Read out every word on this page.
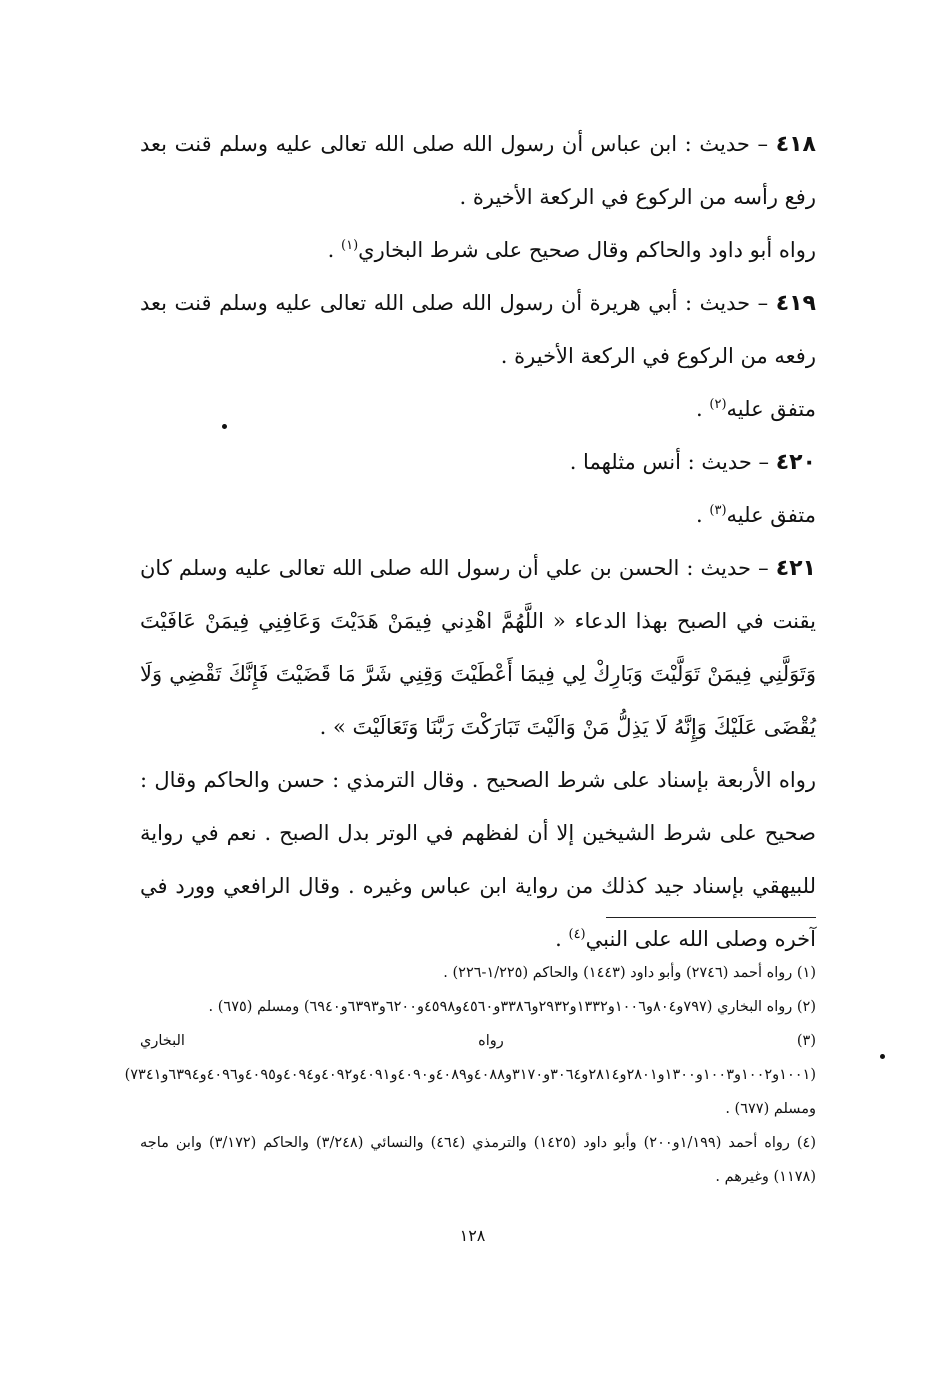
٤١٨ – حديث : ابن عباس أن رسول الله صلى الله تعالى عليه وسلم قنت بعد رفع رأسه من الركوع في الركعة الأخيرة .

رواه أبو داود والحاكم وقال صحيح على شرط البخاري$^{(١)}$ .

٤١٩ – حديث : أبي هريرة أن رسول الله صلى الله تعالى عليه وسلم قنت بعد رفعه من الركوع في الركعة الأخيرة .

متفق عليه$^{(٢)}$ .

٤٢٠ – حديث : أنس مثلهما .

متفق عليه$^{(٣)}$ .

٤٢١ – حديث : الحسن بن علي أن رسول الله صلى الله تعالى عليه وسلم كان يقنت في الصبح بهذا الدعاء « اللَّهُمَّ اهْدِني فِيمَنْ هَدَيْتَ وَعَافِنِي فِيمَنْ عَافَيْتَ وَتَوَلَّنِي فِيمَنْ تَوَلَّيْتَ وَبَارِكْ لِي فِيمَا أَعْطَيْتَ وَقِنِي شَرَّ مَا قَضَيْتَ فَإِنَّكَ تَقْضِي وَلَا يُقْضَى عَلَيْكَ وَإِنَّهُ لَا يَذِلُّ مَنْ وَالَيْتَ تَبَارَكْتَ رَبَّنَا وَتَعَالَيْتَ » .

رواه الأربعة بإسناد على شرط الصحيح . وقال الترمذي : حسن والحاكم وقال : صحيح على شرط الشيخين إلا أن لفظهم في الوتر بدل الصبح . نعم في رواية للبيهقي بإسناد جيد كذلك من رواية ابن عباس وغيره . وقال الرافعي وورد في آخره وصلى الله على النبي$^{(٤)}$ .

(١) رواه أحمد (٢٧٤٦) وأبو داود (١٤٤٣) والحاكم (١/٢٢٥-٢٢٦) .

(٢) رواه البخاري (٧٩٧و٨٠٤و١٠٠٦و١٣٣٢و٢٩٣٢و٣٣٨٦و٤٥٦٠و٤٥٩٨و٦٢٠٠و٦٣٩٣و٦٩٤٠) ومسلم (٦٧٥) .

(٣) رواه البخاري (١٠٠١و١٠٠٢و١٠٠٣و١٣٠٠و٢٨٠١و٢٨١٤و٣٠٦٤و٣١٧٠و٤٠٨٨و٤٠٨٩و٤٠٩٠و٤٠٩١و٤٠٩٢و٤٠٩٤و٤٠٩٥و٤٠٩٦و٦٣٩٤و٧٣٤١) ومسلم (٦٧٧) .

(٤) رواه أحمد (١/١٩٩و٢٠٠) وأبو داود (١٤٢٥) والترمذي (٤٦٤) والنسائي (٣/٢٤٨) والحاكم (٣/١٧٢) وابن ماجه (١١٧٨) وغيرهم .

١٢٨
